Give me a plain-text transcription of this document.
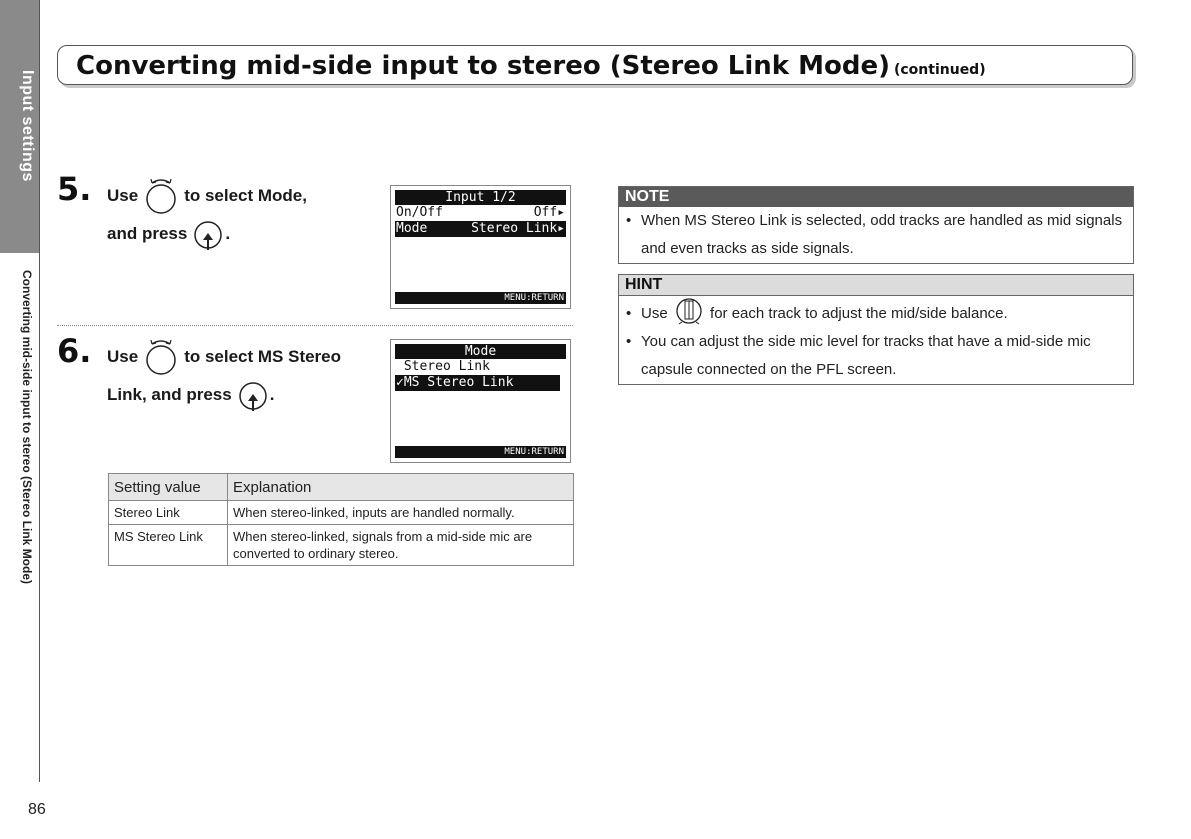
Input settings
Converting mid-side input to stereo (Stereo Link Mode)
86
Converting mid-side input to stereo (Stereo Link Mode) (continued)
5. Use	to select Mode,
and press .
Input 1/2
On/Off	Off▸
Mode	Stereo Link▸
MENU:RETURN
6. Use	to select MS Stereo
Link, and press .
Mode
Stereo Link
✓MS Stereo Link
MENU:RETURN
Setting value	Explanation
Stereo Link	When stereo-linked, inputs are handled normally.
MS Stereo Link	When stereo-linked, signals from a mid-side mic are converted to ordinary stereo.
NOTE
• When MS Stereo Link is selected, odd tracks are handled as mid signals and even tracks as side signals.
HINT
• Use	for each track to adjust the mid/side balance.
• You can adjust the side mic level for tracks that have a mid-side mic capsule connected on the PFL screen.
